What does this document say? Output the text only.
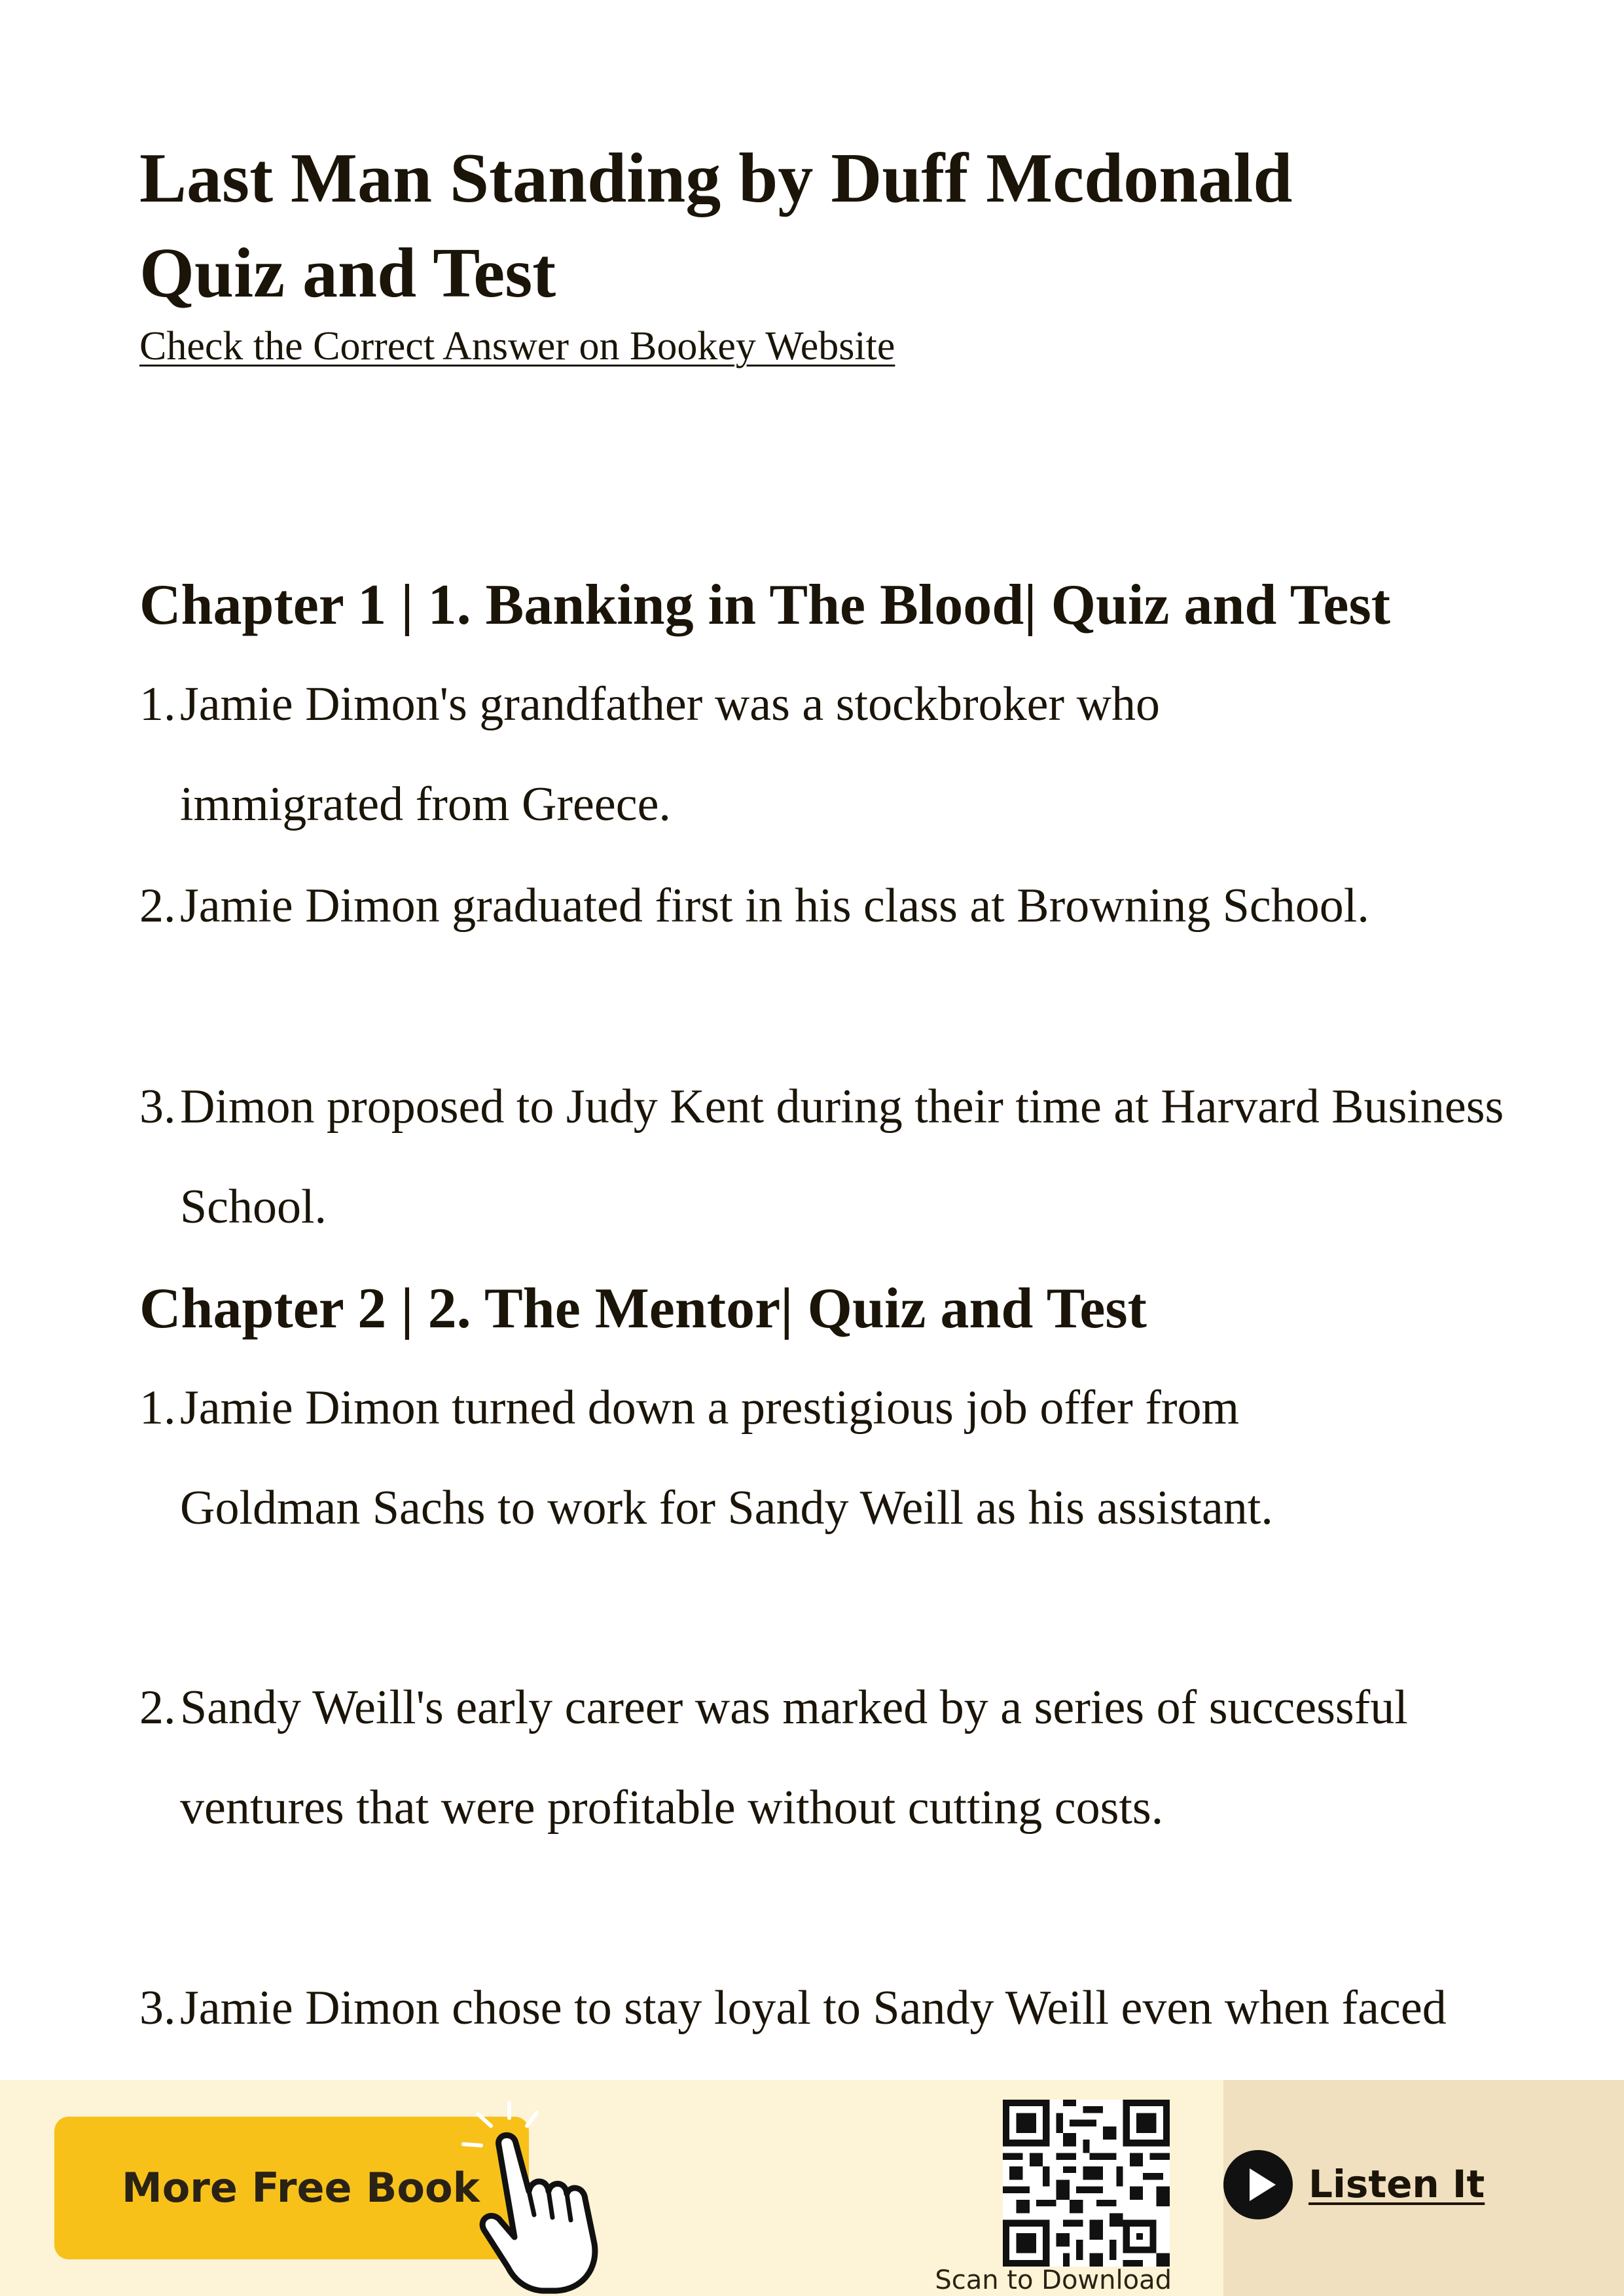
Last Man Standing by Duff Mcdonald
Quiz and Test
Check the Correct Answer on Bookey Website
Chapter 1 | 1. Banking in The Blood| Quiz and Test
1. Jamie Dimon's grandfather was a stockbroker who immigrated from Greece.
2. Jamie Dimon graduated first in his class at Browning School.
3. Dimon proposed to Judy Kent during their time at Harvard Business School.
Chapter 2 | 2. The Mentor| Quiz and Test
1. Jamie Dimon turned down a prestigious job offer from Goldman Sachs to work for Sandy Weill as his assistant.
2. Sandy Weill's early career was marked by a series of successful ventures that were profitable without cutting costs.
3. Jamie Dimon chose to stay loyal to Sandy Weill even when faced
More Free Book
Scan to Download
Listen It
